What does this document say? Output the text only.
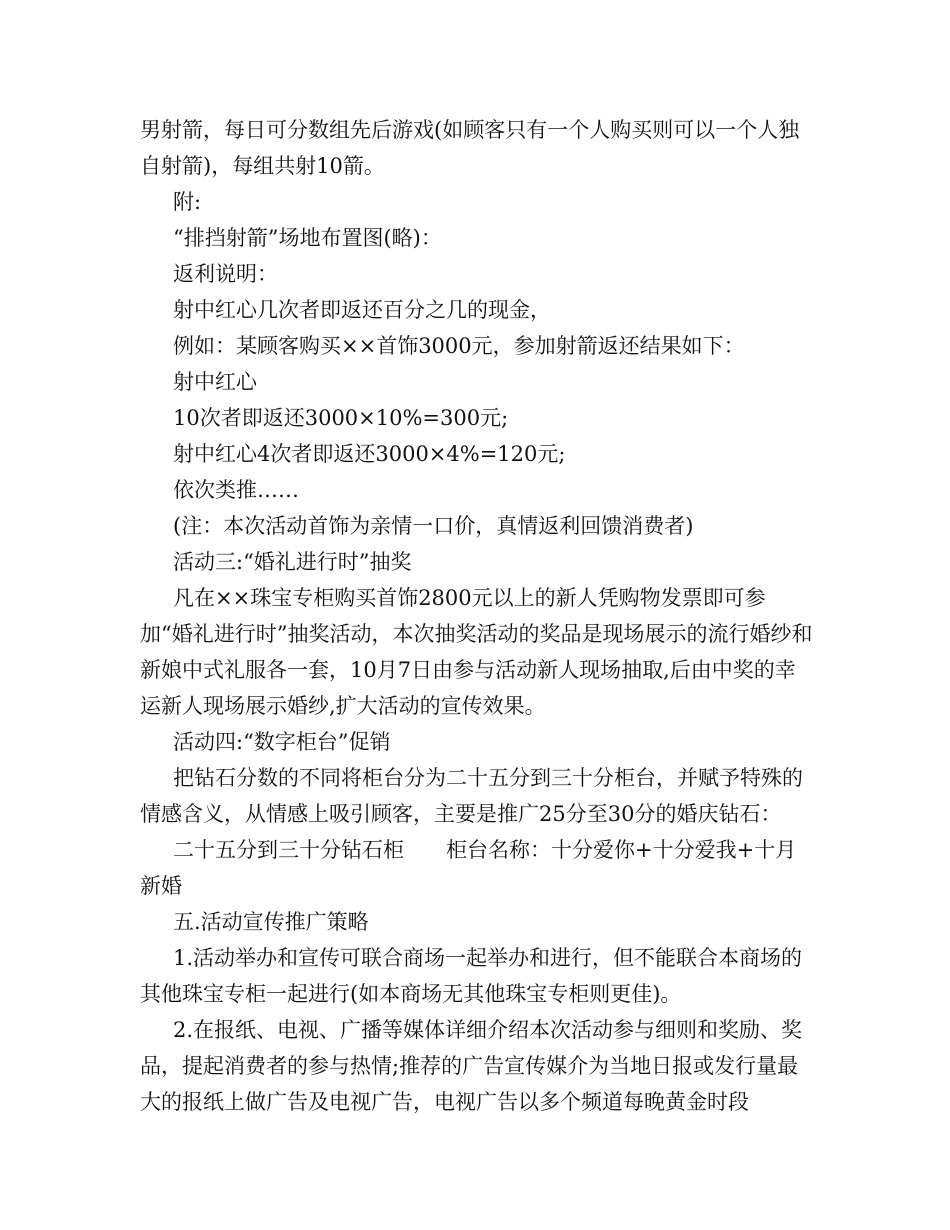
男射箭，每日可分数组先后游戏(如顾客只有一个人购买则可以一个人独自射箭)，每组共射10箭。

附:

“排挡射箭”场地布置图(略)：

返利说明：

射中红心几次者即返还百分之几的现金，

例如：某顾客购买××首饰3000元，参加射箭返还结果如下：

射中红心

10次者即返还3000×10%=300元;

射中红心4次者即返还3000×4%=120元;

依次类推……

(注：本次活动首饰为亲情一口价，真情返利回馈消费者)

活动三:“婚礼进行时”抽奖

凡在××珠宝专柜购买首饰2800元以上的新人凭购物发票即可参加“婚礼进行时”抽奖活动，本次抽奖活动的奖品是现场展示的流行婚纱和新娘中式礼服各一套，10月7日由参与活动新人现场抽取,后由中奖的幸运新人现场展示婚纱,扩大活动的宣传效果。

活动四:“数字柜台”促销

把钻石分数的不同将柜台分为二十五分到三十分柜台，并赋予特殊的情感含义，从情感上吸引顾客，主要是推广25分至30分的婚庆钻石：

二十五分到三十分钻石柜　　柜台名称：十分爱你+十分爱我+十月新婚

五.活动宣传推广策略

1.活动举办和宣传可联合商场一起举办和进行，但不能联合本商场的其他珠宝专柜一起进行(如本商场无其他珠宝专柜则更佳)。

2.在报纸、电视、广播等媒体详细介绍本次活动参与细则和奖励、奖品，提起消费者的参与热情;推荐的广告宣传媒介为当地日报或发行量最大的报纸上做广告及电视广告，电视广告以多个频道每晚黄金时段
